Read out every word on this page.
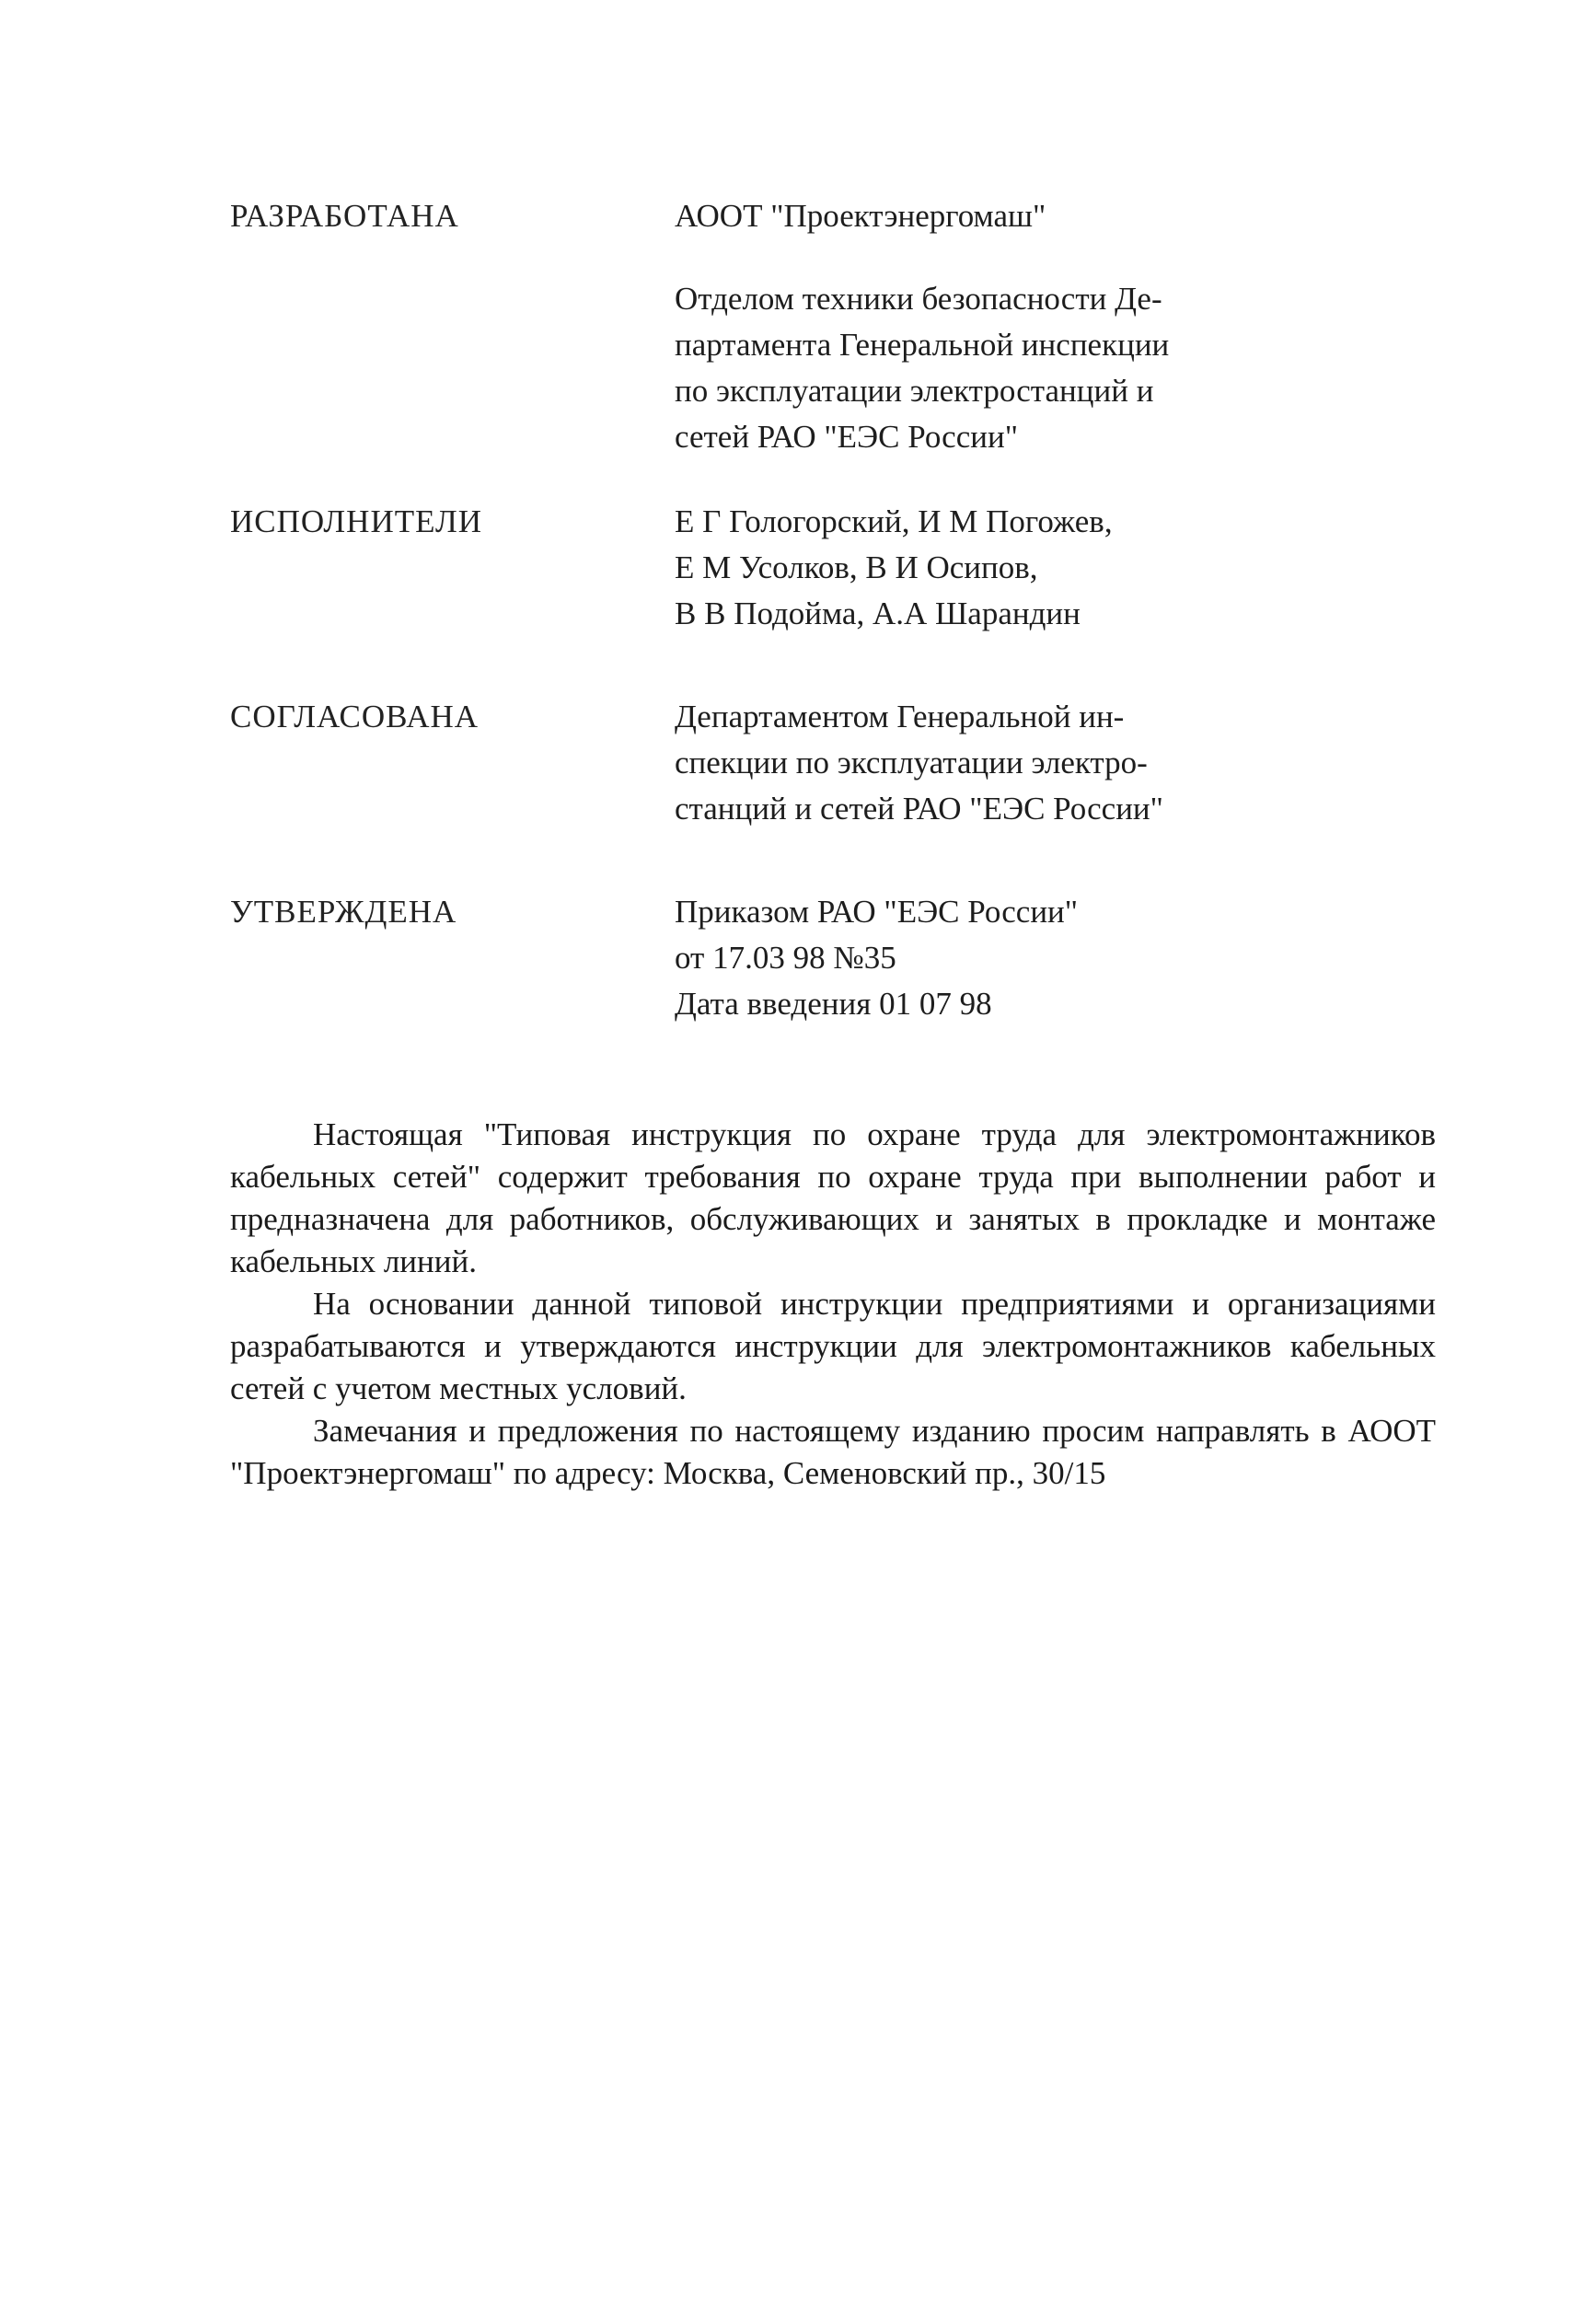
РАЗРАБОТАНА	АООТ "Проектэнергомаш"
Отделом техники безопасности Де-
партамента Генеральной инспекции
по эксплуатации электростанций и
сетей РАО "ЕЭС России"
ИСПОЛНИТЕЛИ	Е Г Гологорский, И М Погожев,
Е М Усолков, В И Осипов,
В В Подойма, А.А Шарандин
СОГЛАСОВАНА	Департаментом Генеральной ин-
спекции по эксплуатации электро-
станций и сетей РАО "ЕЭС России"
УТВЕРЖДЕНА	Приказом РАО "ЕЭС России"
от 17.03 98 №35
Дата введения 01 07 98

Настоящая "Типовая инструкция по охране труда для электромонтажников кабельных сетей" содержит требования по охране труда при выполнении работ и предназначена для работников, обслуживающих и занятых в прокладке и монтаже кабельных линий.

На основании данной типовой инструкции предприятиями и организациями разрабатываются и утверждаются инструкции для электромонтажников кабельных сетей с учетом местных условий.

Замечания и предложения по настоящему изданию просим направлять в АООТ "Проектэнергомаш" по адресу: Москва, Семеновский пр., 30/15
